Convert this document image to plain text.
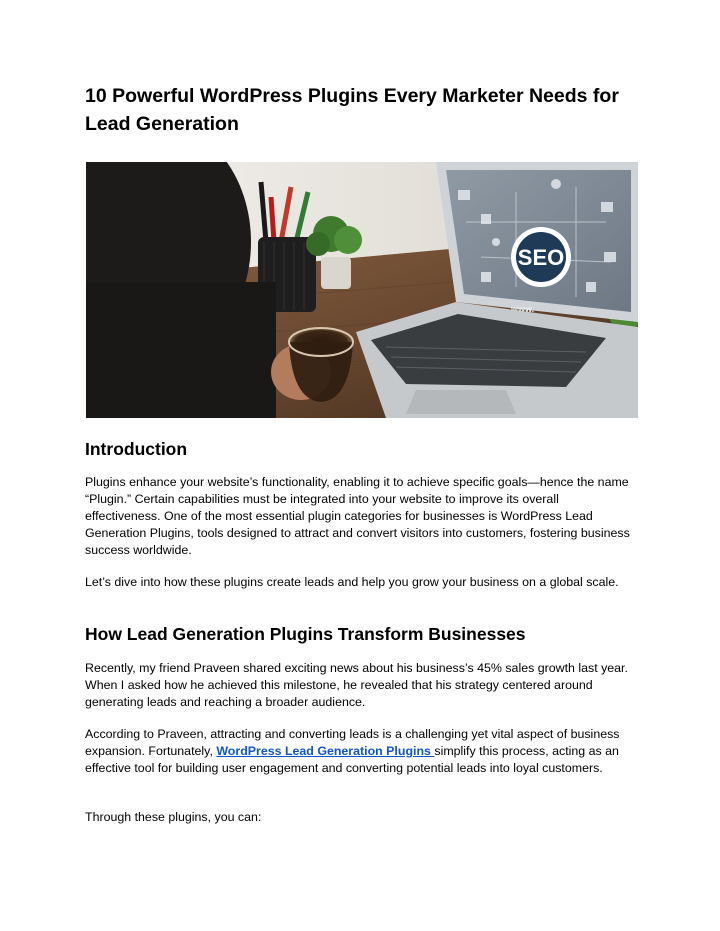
10 Powerful WordPress Plugins Every Marketer Needs for
Lead Generation
SEO
www.
Introduction

Plugins enhance your website’s functionality, enabling it to achieve specific goals—hence the name “Plugin.” Certain capabilities must be integrated into your website to improve its overall effectiveness. One of the most essential plugin categories for businesses is WordPress Lead Generation Plugins, tools designed to attract and convert visitors into customers, fostering business success worldwide.

Let’s dive into how these plugins create leads and help you grow your business on a global scale.

How Lead Generation Plugins Transform Businesses

Recently, my friend Praveen shared exciting news about his business’s 45% sales growth last year. When I asked how he achieved this milestone, he revealed that his strategy centered around generating leads and reaching a broader audience.

According to Praveen, attracting and converting leads is a challenging yet vital aspect of business expansion. Fortunately, WordPress Lead Generation Plugins simplify this process, acting as an effective tool for building user engagement and converting potential leads into loyal customers.

Through these plugins, you can:
